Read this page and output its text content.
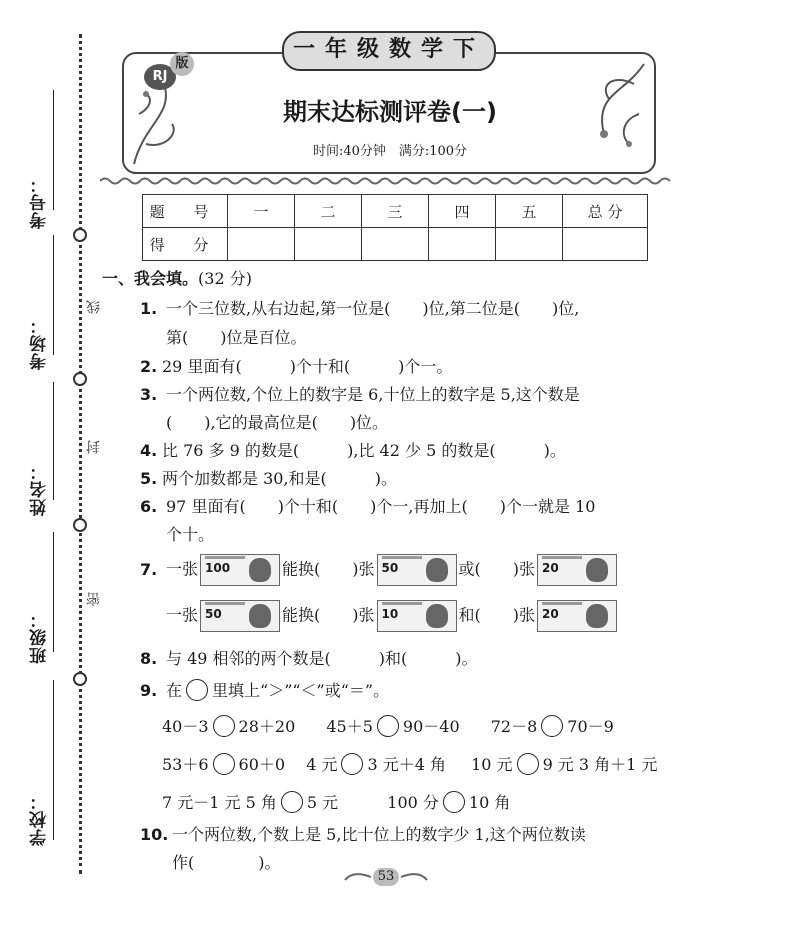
线
封
密
考号：
考场：
姓名：
班级：
学校：
一年级数学下
RJ
版
期末达标测评卷(一)
时间:40分钟　满分:100分
题 号	一	二	三	四	五	总 分
得 分						
一、我会填。(32 分)
1. 一个三位数,从右边起,第一位是(　　)位,第二位是(　　)位,
第(　　)位是百位。
2. 29 里面有(　　　)个十和(　　　)个一。
3. 一个两位数,个位上的数字是 6,十位上的数字是 5,这个数是
(　　),它的最高位是(　　)位。
4. 比 76 多 9 的数是(　　　),比 42 少 5 的数是(　　　)。
5. 两个加数都是 30,和是(　　　)。
6. 97 里面有(　　)个十和(　　)个一,再加上(　　)个一就是 10
个十。
7. 一张 100	能换(　　)张 50	或(　　)张 20
一张 50	能换(　　)张 10	和(　　)张 20
8. 与 49 相邻的两个数是(　　　)和(　　　)。
9. 在 里填上“＞”“＜”或“＝”。
40－3 28＋20 45＋5 90－40 72－8 70－9
53＋6 60＋0 4 元 3 元＋4 角 10 元 9 元 3 角＋1 元
7 元－1 元 5 角 5 元	100 分 10 角
10. 一个两位数,个数上是 5,比十位上的数字少 1,这个两位数读
作(　　　　)。
53
